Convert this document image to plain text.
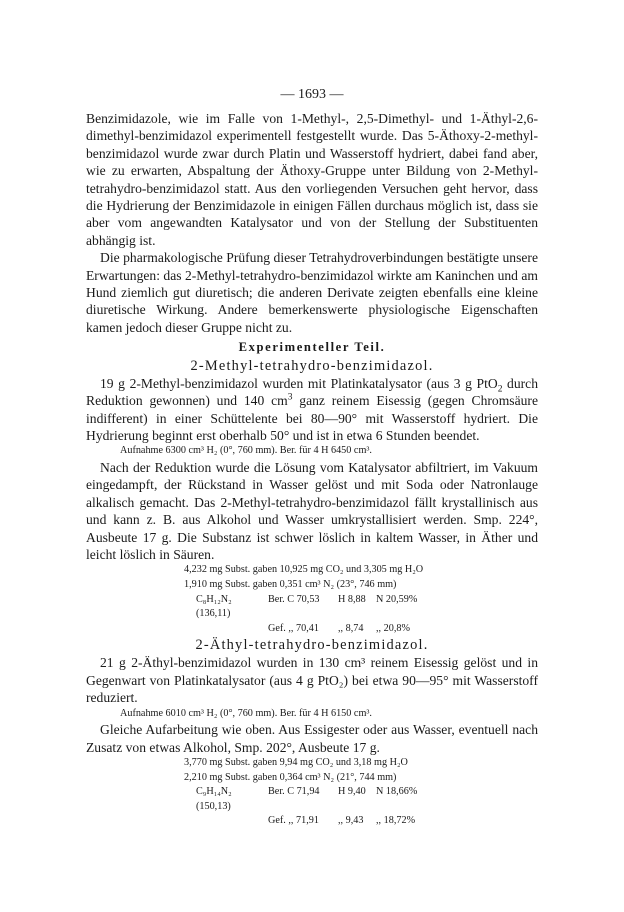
— 1693 —

Benzimidazole, wie im Falle von 1-Methyl-, 2,5-Dimethyl- und 1-Äthyl-2,6-dimethyl-benzimidazol experimentell festgestellt wurde. Das 5-Äthoxy-2-methyl-benzimidazol wurde zwar durch Platin und Wasserstoff hydriert, dabei fand aber, wie zu erwarten, Abspaltung der Äthoxy-Gruppe unter Bildung von 2-Methyl-tetrahydro-benzimidazol statt. Aus den vorliegenden Versuchen geht hervor, dass die Hydrierung der Benzimidazole in einigen Fällen durchaus möglich ist, dass sie aber vom angewandten Katalysator und von der Stellung der Substituenten abhängig ist.

Die pharmakologische Prüfung dieser Tetrahydroverbindungen bestätigte unsere Erwartungen: das 2-Methyl-tetrahydro-benzimidazol wirkte am Kaninchen und am Hund ziemlich gut diuretisch; die anderen Derivate zeigten ebenfalls eine kleine diuretische Wirkung. Andere bemerkenswerte physiologische Eigenschaften kamen jedoch dieser Gruppe nicht zu.

Experimenteller Teil.
2-Methyl-tetrahydro-benzimidazol.

19 g 2-Methyl-benzimidazol wurden mit Platinkatalysator (aus 3 g PtO$_2$ durch Reduktion gewonnen) und 140 $cm^3$ ganz reinem Eisessig (gegen Chromsäure indifferent) in einer Schüttelente bei 80—90° mit Wasserstoff hydriert. Die Hydrierung beginnt erst oberhalb 50° und ist in etwa 6 Stunden beendet.

Aufnahme 6300 cm³ H₂ (0°, 760 mm). Ber. für 4 H 6450 cm³.

Nach der Reduktion wurde die Lösung vom Katalysator abfiltriert, im Vakuum eingedampft, der Rückstand in Wasser gelöst und mit Soda oder Natronlauge alkalisch gemacht. Das 2-Methyl-tetrahydro-benzimidazol fällt krystallinisch aus und kann z. B. aus Alkohol und Wasser umkrystallisiert werden. Smp. 224°, Ausbeute 17 g. Die Substanz ist schwer löslich in kaltem Wasser, in Äther und leicht löslich in Säuren.

4,232 mg Subst. gaben 10,925 mg CO₂ und 3,305 mg H₂O
1,910 mg Subst. gaben 0,351 cm³ N₂ (23°, 746 mm)
C₈H₁₂N₂ (136,11)
Ber. C 70,53	H 8,88	N 20,59%
Gef. ,, 70,41	,, 8,74	,, 20,8%
2-Äthyl-tetrahydro-benzimidazol.

21 g 2-Äthyl-benzimidazol wurden in 130 cm³ reinem Eisessig gelöst und in Gegenwart von Platinkatalysator (aus 4 g PtO₂) bei etwa 90—95° mit Wasserstoff reduziert.

Aufnahme 6010 cm³ H₂ (0°, 760 mm). Ber. für 4 H 6150 cm³.

Gleiche Aufarbeitung wie oben. Aus Essigester oder aus Wasser, eventuell nach Zusatz von etwas Alkohol, Smp. 202°, Ausbeute 17 g.

3,770 mg Subst. gaben 9,94 mg CO₂ und 3,18 mg H₂O
2,210 mg Subst. gaben 0,364 cm³ N₂ (21°, 744 mm)
C₉H₁₄N₂ (150,13)
Ber. C 71,94	H 9,40	N 18,66%
Gef. ,, 71,91	,, 9,43	,, 18,72%
